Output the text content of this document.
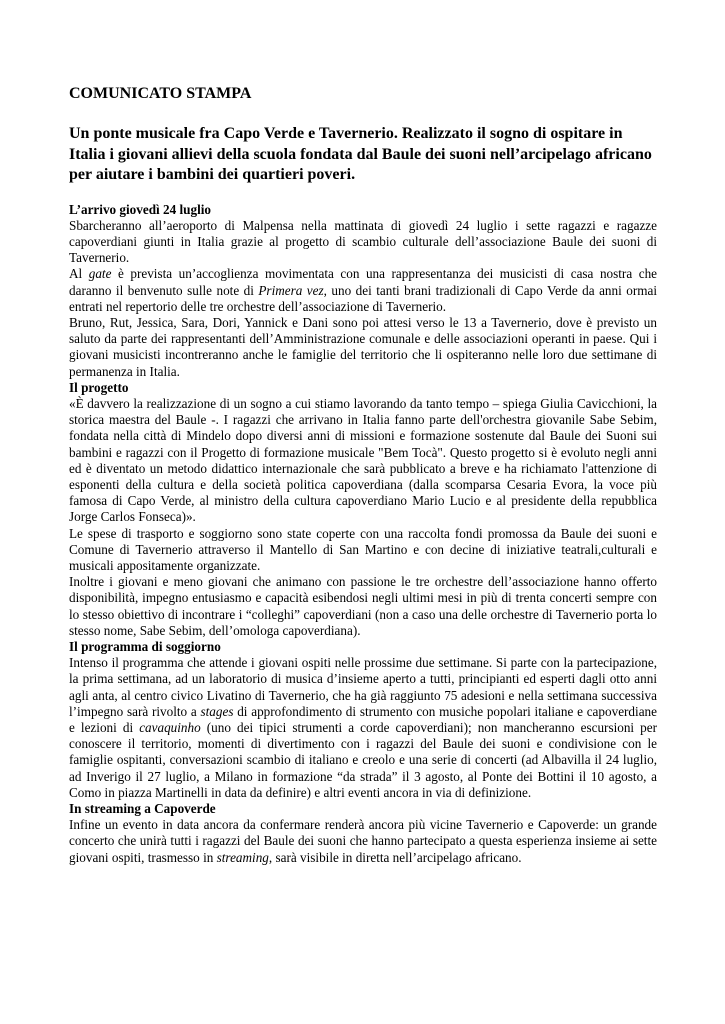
COMUNICATO STAMPA
Un ponte musicale fra Capo Verde e Tavernerio. Realizzato il sogno di ospitare in Italia i giovani allievi della scuola fondata dal Baule dei suoni nell’arcipelago africano per aiutare i bambini dei quartieri poveri.
L’arrivo giovedì 24 luglio

Sbarcheranno all’aeroporto di Malpensa nella mattinata di giovedì 24 luglio i sette ragazzi e ragazze capoverdiani giunti in Italia grazie al progetto di scambio culturale dell’associazione Baule dei suoni di Tavernerio.

Al gate è prevista un’accoglienza movimentata con una rappresentanza dei musicisti di casa nostra che daranno il benvenuto sulle note di Primera vez, uno dei tanti brani tradizionali di Capo Verde da anni ormai entrati nel repertorio delle tre orchestre dell’associazione di Tavernerio.

Bruno, Rut, Jessica, Sara, Dori, Yannick e Dani sono poi attesi verso le 13 a Tavernerio, dove è previsto un saluto da parte dei rappresentanti dell’Amministrazione comunale e delle associazioni operanti in paese. Qui i giovani musicisti incontreranno anche le famiglie del territorio che li ospiteranno nelle loro due settimane di permanenza in Italia.

Il progetto

«È davvero la realizzazione di un sogno a cui stiamo lavorando da tanto tempo – spiega Giulia Cavicchioni, la storica maestra del Baule -. I ragazzi che arrivano in Italia fanno parte dell'orchestra giovanile Sabe Sebim, fondata nella città di Mindelo dopo diversi anni di missioni e formazione sostenute dal Baule dei Suoni sui bambini e ragazzi con il Progetto di formazione musicale "Bem Tocà". Questo progetto si è evoluto negli anni ed è diventato un metodo didattico internazionale che sarà pubblicato a breve e ha richiamato l'attenzione di esponenti della cultura e della società politica capoverdiana (dalla scomparsa Cesaria Evora, la voce più famosa di Capo Verde, al ministro della cultura capoverdiano Mario Lucio e al presidente della repubblica Jorge Carlos Fonseca)».

Le spese di trasporto e soggiorno sono state coperte con una raccolta fondi promossa da Baule dei suoni e Comune di Tavernerio attraverso il Mantello di San Martino e con decine di iniziative teatrali,culturali e musicali appositamente organizzate.

Inoltre i giovani e meno giovani che animano con passione le tre orchestre dell’associazione hanno offerto disponibilità, impegno entusiasmo e capacità esibendosi negli ultimi mesi in più di trenta concerti sempre con lo stesso obiettivo di incontrare i “colleghi” capoverdiani (non a caso una delle orchestre di Tavernerio porta lo stesso nome, Sabe Sebim, dell’omologa capoverdiana).

Il programma di soggiorno

Intenso il programma che attende i giovani ospiti nelle prossime due settimane. Si parte con la partecipazione, la prima settimana, ad un laboratorio di musica d’insieme aperto a tutti, principianti ed esperti dagli otto anni agli anta, al centro civico Livatino di Tavernerio, che ha già raggiunto 75 adesioni e nella settimana successiva l’impegno sarà rivolto a stages di approfondimento di strumento con musiche popolari italiane e capoverdiane e lezioni di cavaquinho (uno dei tipici strumenti a corde capoverdiani); non mancheranno escursioni per conoscere il territorio, momenti di divertimento con i ragazzi del Baule dei suoni e condivisione con le famiglie ospitanti, conversazioni scambio di italiano e creolo e una serie di concerti (ad Albavilla il 24 luglio, ad Inverigo il 27 luglio, a Milano in formazione “da strada” il 3 agosto, al Ponte dei Bottini il 10 agosto, a Como in piazza Martinelli in data da definire) e altri eventi ancora in via di definizione.

In streaming a Capoverde

Infine un evento in data ancora da confermare renderà ancora più vicine Tavernerio e Capoverde: un grande concerto che unirà tutti i ragazzi del Baule dei suoni che hanno partecipato a questa esperienza insieme ai sette giovani ospiti, trasmesso in streaming, sarà visibile in diretta nell’arcipelago africano.
